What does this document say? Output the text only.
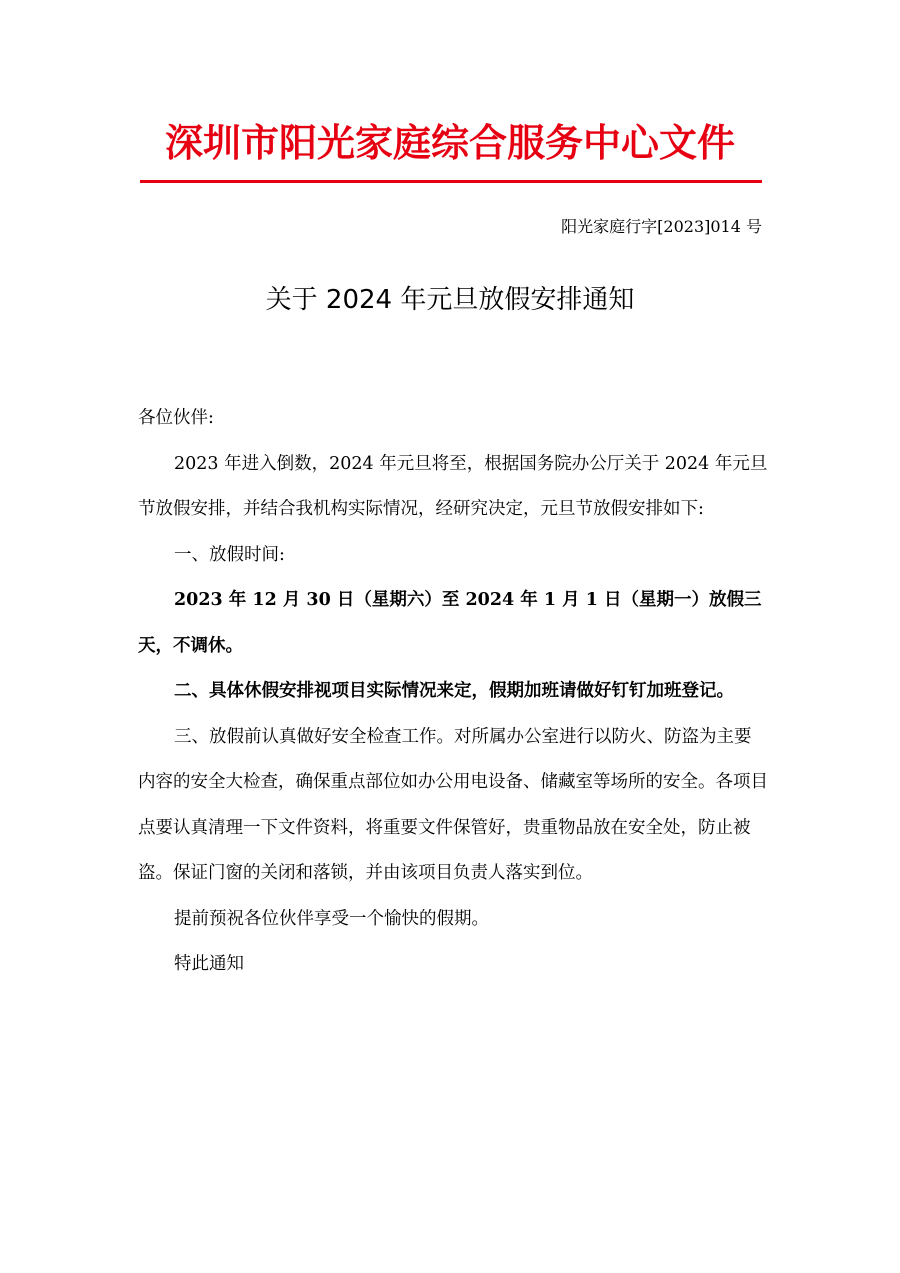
深圳市阳光家庭综合服务中心文件
阳光家庭行字[2023]014 号
关于 2024 年元旦放假安排通知

各位伙伴:

2023 年进入倒数，2024 年元旦将至，根据国务院办公厅关于 2024 年元旦节放假安排，并结合我机构实际情况，经研究决定，元旦节放假安排如下:

一、放假时间:

2023 年 12 月 30 日（星期六）至 2024 年 1 月 1 日（星期一）放假三天，不调休。

二、具体休假安排视项目实际情况来定，假期加班请做好钉钉加班登记。

三、放假前认真做好安全检查工作。对所属办公室进行以防火、防盗为主要内容的安全大检查，确保重点部位如办公用电设备、储藏室等场所的安全。各项目点要认真清理一下文件资料，将重要文件保管好，贵重物品放在安全处，防止被盗。保证门窗的关闭和落锁，并由该项目负责人落实到位。

提前预祝各位伙伴享受一个愉快的假期。

特此通知
